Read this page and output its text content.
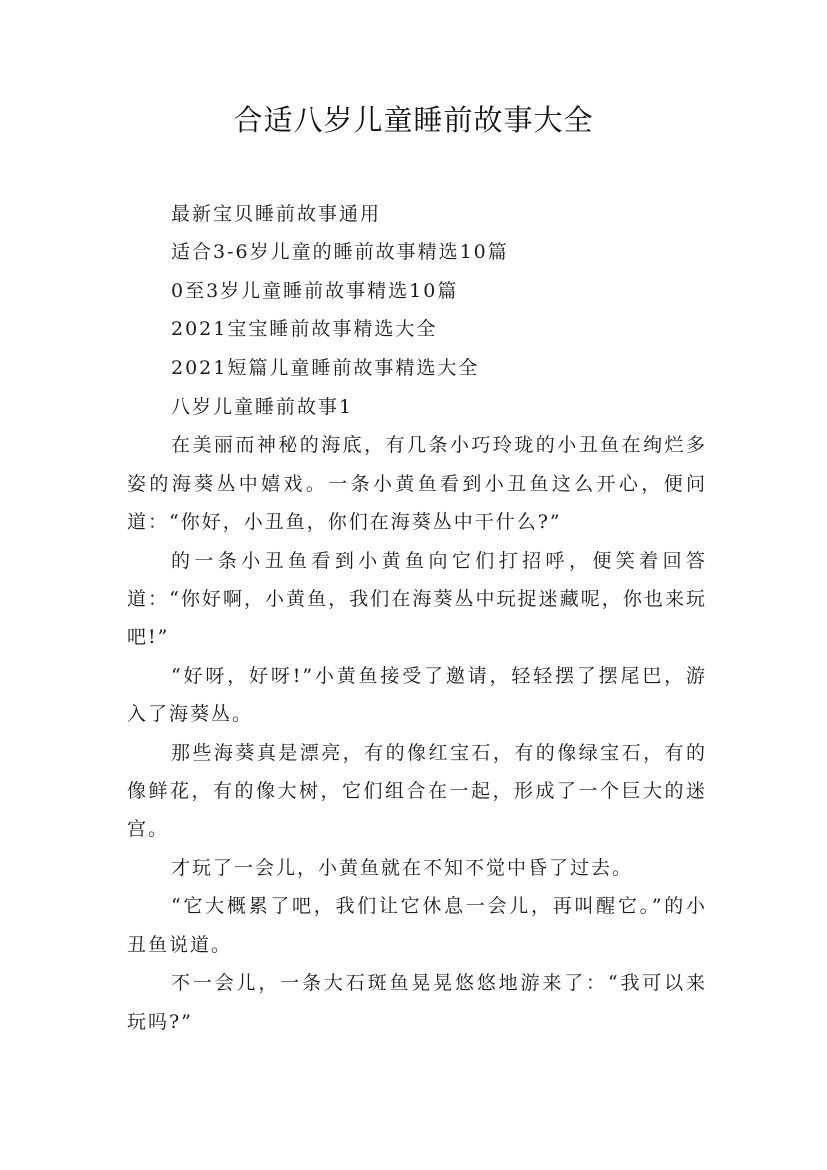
合适八岁儿童睡前故事大全
最新宝贝睡前故事通用
适合3-6岁儿童的睡前故事精选10篇
0至3岁儿童睡前故事精选10篇
2021宝宝睡前故事精选大全
2021短篇儿童睡前故事精选大全

八岁儿童睡前故事1

在美丽而神秘的海底，有几条小巧玲珑的小丑鱼在绚烂多姿的海葵丛中嬉戏。一条小黄鱼看到小丑鱼这么开心，便问道：“你好，小丑鱼，你们在海葵丛中干什么?”

的一条小丑鱼看到小黄鱼向它们打招呼，便笑着回答道：“你好啊，小黄鱼，我们在海葵丛中玩捉迷藏呢，你也来玩吧!”

“好呀，好呀!”小黄鱼接受了邀请，轻轻摆了摆尾巴，游入了海葵丛。

那些海葵真是漂亮，有的像红宝石，有的像绿宝石，有的像鲜花，有的像大树，它们组合在一起，形成了一个巨大的迷宫。

才玩了一会儿，小黄鱼就在不知不觉中昏了过去。

“它大概累了吧，我们让它休息一会儿，再叫醒它。”的小丑鱼说道。

不一会儿，一条大石斑鱼晃晃悠悠地游来了：“我可以来玩吗?”
